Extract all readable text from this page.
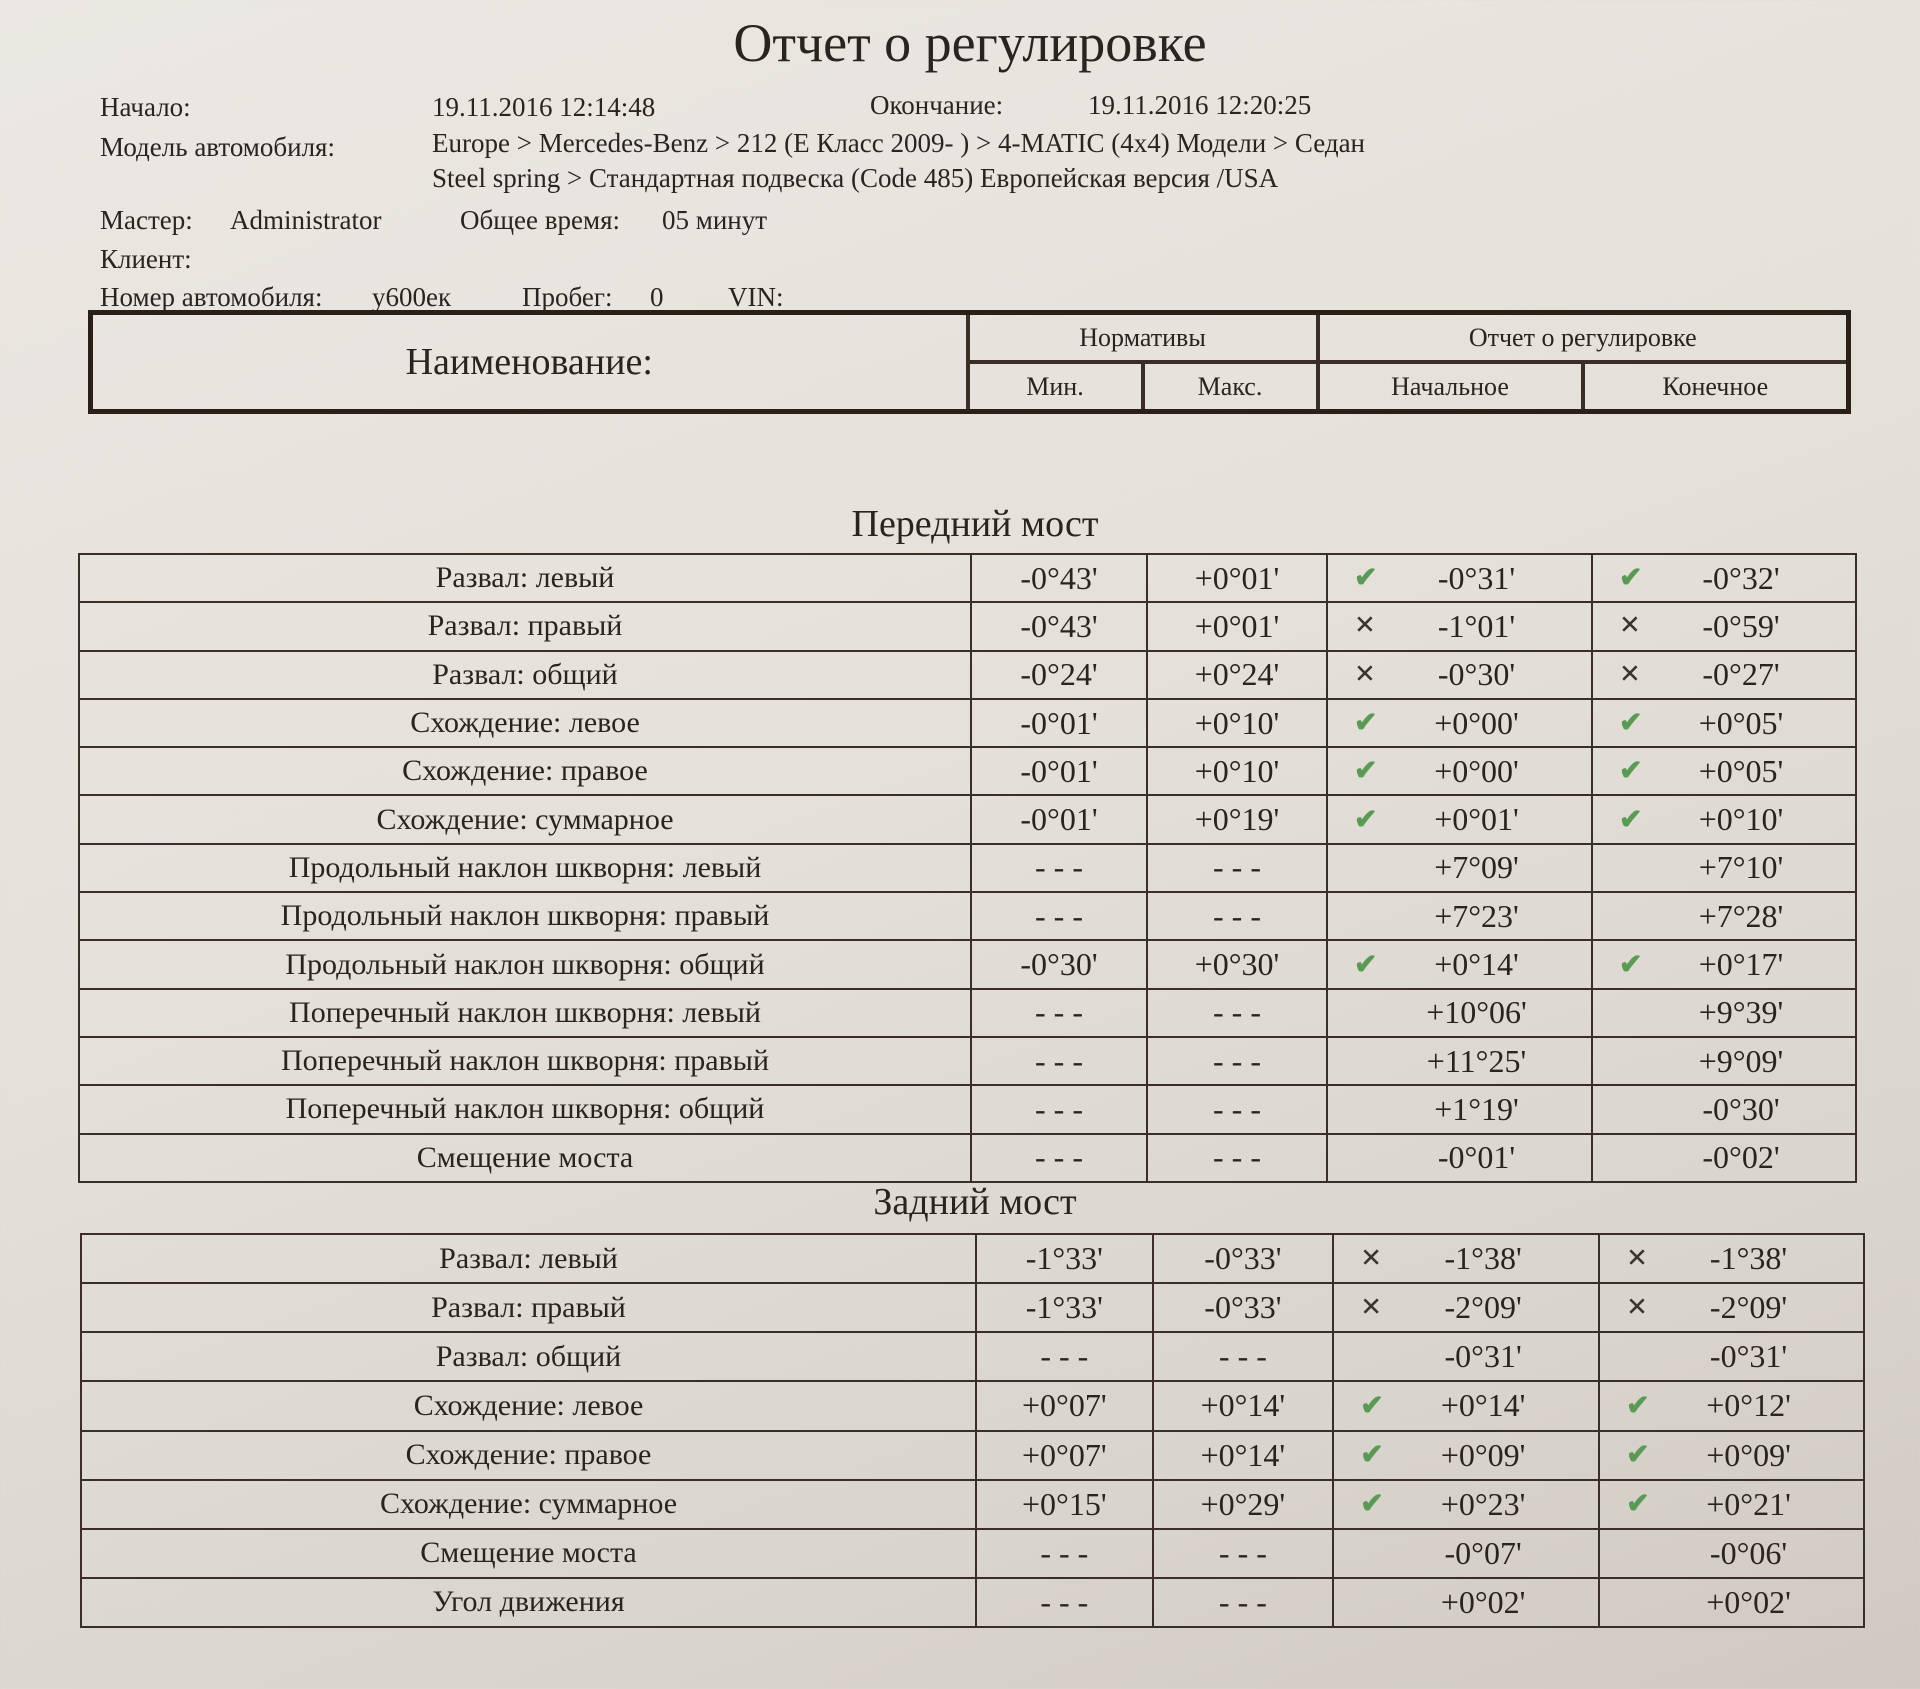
Отчет о регулировке
Начало:	19.11.2016 12:14:48	Окончание:	19.11.2016 12:20:25
Модель автомобиля:	Europe > Mercedes-Benz > 212 (E Класс 2009- ) > 4-MATIC (4x4) Модели > Седан
Steel spring > Стандартная подвеска (Code 485) Европейская версия /USA
Мастер: Administrator	Общее время: 05 минут
Клиент:
Номер автомобиля: у600ек	Пробег: 0 VIN:
Наименование:	Нормативы		Отчет о регулировке	
	Мин.	Макс.	Начальное	Конечное
Передний мост
Развал: левый	-0°43'	+0°01'	✔ -0°31'	✔ -0°32'
Развал: правый	-0°43'	+0°01'	✕ -1°01'	✕ -0°59'
Развал: общий	-0°24'	+0°24'	✕ -0°30'	✕ -0°27'
Схождение: левое	-0°01'	+0°10'	✔ +0°00'	✔ +0°05'
Схождение: правое	-0°01'	+0°10'	✔ +0°00'	✔ +0°05'
Схождение: суммарное	-0°01'	+0°19'	✔ +0°01'	✔ +0°10'
Продольный наклон шкворня: левый	- - -	- - -	+7°09'	+7°10'
Продольный наклон шкворня: правый	- - -	- - -	+7°23'	+7°28'
Продольный наклон шкворня: общий	-0°30'	+0°30'	✔ +0°14'	✔ +0°17'
Поперечный наклон шкворня: левый	- - -	- - -	+10°06'	+9°39'
Поперечный наклон шкворня: правый	- - -	- - -	+11°25'	+9°09'
Поперечный наклон шкворня: общий	- - -	- - -	+1°19'	-0°30'
Смещение моста	- - -	- - -	-0°01'	-0°02'
Задний мост
Развал: левый	-1°33'	-0°33'	✕ -1°38'	✕ -1°38'
Развал: правый	-1°33'	-0°33'	✕ -2°09'	✕ -2°09'
Развал: общий	- - -	- - -	-0°31'	-0°31'
Схождение: левое	+0°07'	+0°14'	✔ +0°14'	✔ +0°12'
Схождение: правое	+0°07'	+0°14'	✔ +0°09'	✔ +0°09'
Схождение: суммарное	+0°15'	+0°29'	✔ +0°23'	✔ +0°21'
Смещение моста	- - -	- - -	-0°07'	-0°06'
Угол движения	- - -	- - -	+0°02'	+0°02'
